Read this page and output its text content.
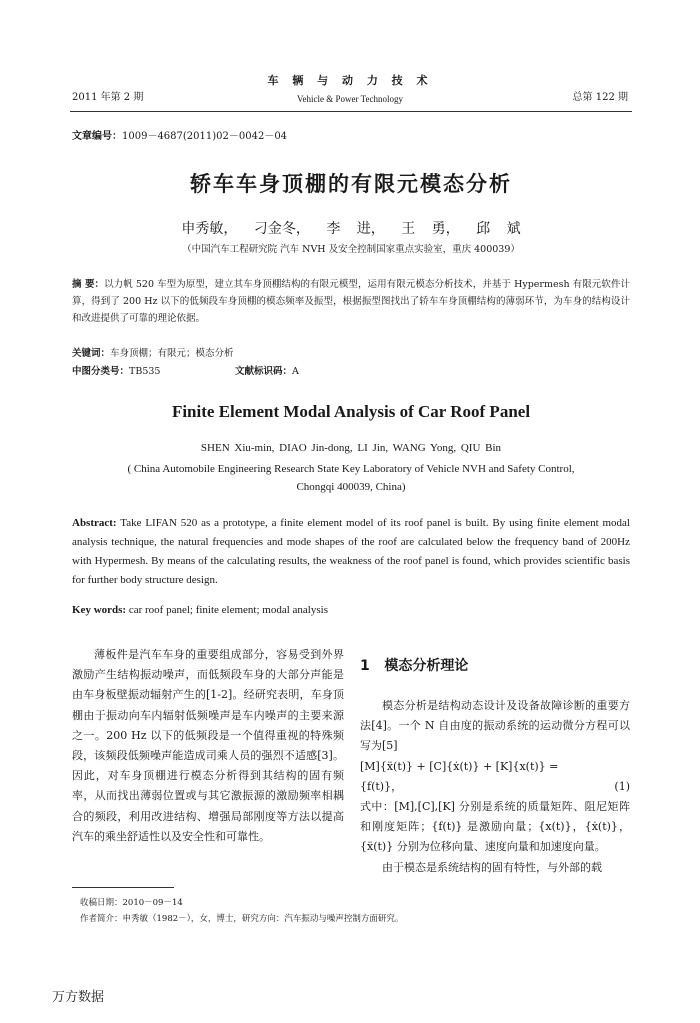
2011 年第 2 期
车 辆 与 动 力 技 术
Vehicle & Power Technology	总第 122 期
文章编号：1009－4687(2011)02－0042－04
轿车车身顶棚的有限元模态分析
申秀敏， 刁金冬， 李 进， 王 勇， 邱 斌
（中国汽车工程研究院 汽车 NVH 及安全控制国家重点实验室，重庆 400039）
摘 要：以力帆 520 车型为原型，建立其车身顶棚结构的有限元模型，运用有限元模态分析技术，并基于 Hypermesh 有限元软件计算，得到了 200 Hz 以下的低频段车身顶棚的模态频率及振型，根据振型图找出了轿车车身顶棚结构的薄弱环节，为车身的结构设计和改进提供了可靠的理论依据。
关键词：车身顶棚；有限元；模态分析
中图分类号：TB535	文献标识码：A
Finite Element Modal Analysis of Car Roof Panel
SHEN Xiu-min, DIAO Jin-dong, LI Jin, WANG Yong, QIU Bin
( China Automobile Engineering Research State Key Laboratory of Vehicle NVH and Safety Control, Chongqi 400039, China)
Abstract: Take LIFAN 520 as a prototype, a finite element model of its roof panel is built. By using finite element modal analysis technique, the natural frequencies and mode shapes of the roof are calculated below the frequency band of 200Hz with Hypermesh. By means of the calculating results, the weakness of the roof panel is found, which provides scientific basis for further body structure design.
Key words: car roof panel; finite element; modal analysis
薄板件是汽车车身的重要组成部分，容易受到外界激励产生结构振动噪声，而低频段车身的大部分声能是由车身板壁振动辐射产生的[1-2]。经研究表明，车身顶棚由于振动向车内辐射低频噪声是车内噪声的主要来源之一。200 Hz 以下的低频段是一个值得重视的特殊频段，该频段低频噪声能造成司乘人员的强烈不适感[3]。因此，对车身顶棚进行模态分析得到其结构的固有频率，从而找出薄弱位置或与其它激振源的激励频率相耦合的频段，利用改进结构、增强局部刚度等方法以提高汽车的乘坐舒适性以及安全性和可靠性。
1 模态分析理论

模态分析是结构动态设计及设备故障诊断的重要方法[4]。一个 N 自由度的振动系统的运动微分方程可以写为[5]

[M]{ẍ(t)} + [C]{ẋ(t)} + [K]{x(t)} =

{f(t)}，	(1)

式中：[M],[C],[K] 分别是系统的质量矩阵、阻尼矩阵和刚度矩阵；{f(t)} 是激励向量；{x(t)}，{ẋ(t)}，{ẍ(t)} 分别为位移向量、速度向量和加速度向量。

由于模态是系统结构的固有特性，与外部的载

收稿日期：2010－09－14
作者简介：申秀敏（1982－），女，博士，研究方向：汽车振动与噪声控制方面研究。
万方数据
